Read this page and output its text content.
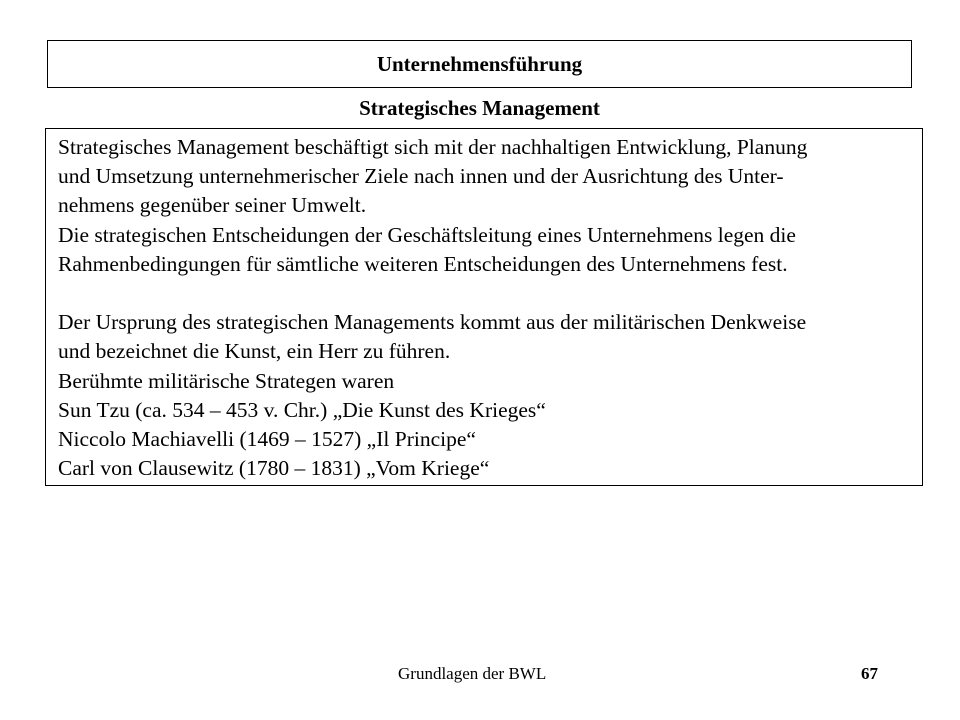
Unternehmensführung
Strategisches Management

Strategisches Management beschäftigt sich mit der nachhaltigen Entwicklung, Planung

und Umsetzung unternehmerischer Ziele nach innen und der Ausrichtung des Unter-

nehmens gegenüber seiner Umwelt.

Die strategischen Entscheidungen der Geschäftsleitung eines Unternehmens legen die

Rahmenbedingungen für sämtliche weiteren Entscheidungen des Unternehmens fest.

Der Ursprung des strategischen Managements kommt aus der militärischen Denkweise

und bezeichnet die Kunst, ein Herr zu führen.

Berühmte militärische Strategen waren

Sun Tzu (ca. 534 – 453 v. Chr.) „Die Kunst des Krieges“

Niccolo Machiavelli (1469 – 1527) „Il Principe“

Carl von Clausewitz (1780 – 1831) „Vom Kriege“

Grundlagen der BWL	67
